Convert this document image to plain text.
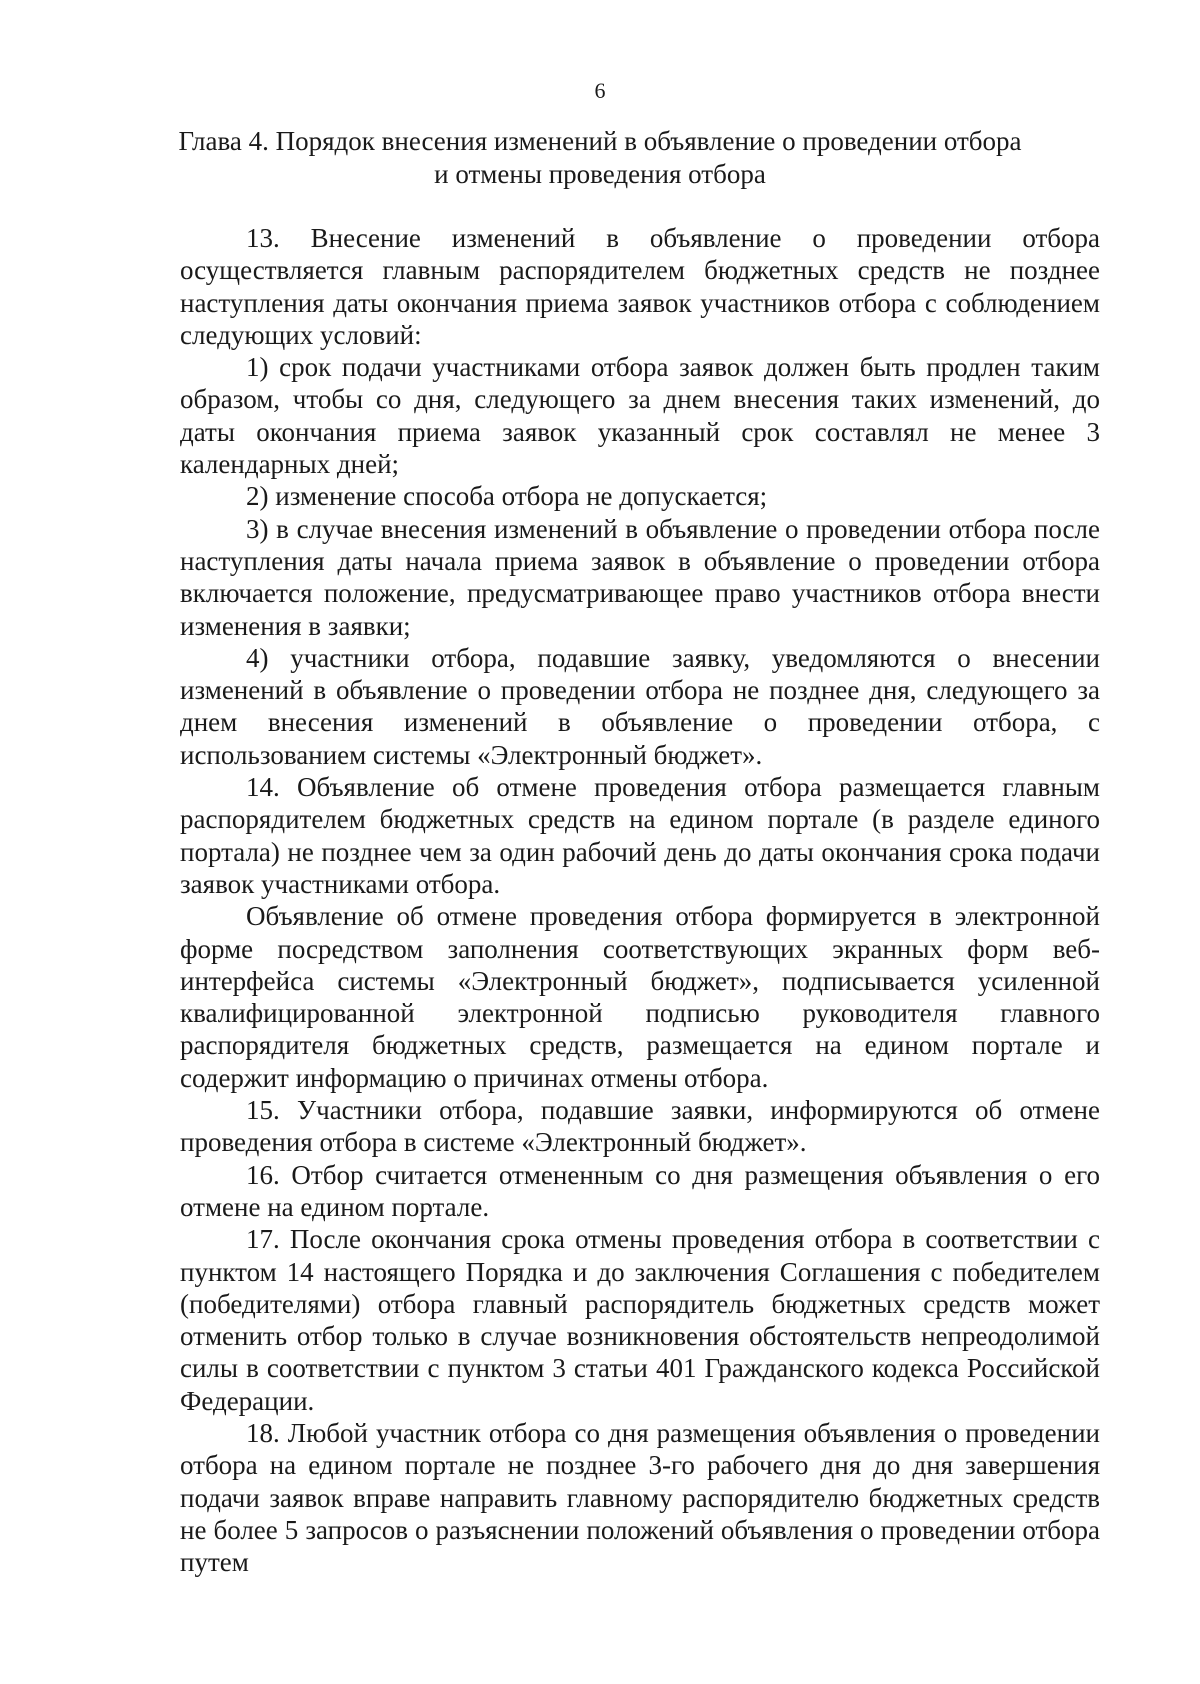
6
Глава 4. Порядок внесения изменений в объявление о проведении отбора
и отмены проведения отбора

13. Внесение изменений в объявление о проведении отбора осуществляется главным распорядителем бюджетных средств не позднее наступления даты окончания приема заявок участников отбора с соблюдением следующих условий:

1) срок подачи участниками отбора заявок должен быть продлен таким образом, чтобы со дня, следующего за днем внесения таких изменений, до даты окончания приема заявок указанный срок составлял не менее 3 календарных дней;

2) изменение способа отбора не допускается;

3) в случае внесения изменений в объявление о проведении отбора после наступления даты начала приема заявок в объявление о проведении отбора включается положение, предусматривающее право участников отбора внести изменения в заявки;

4) участники отбора, подавшие заявку, уведомляются о внесении изменений в объявление о проведении отбора не позднее дня, следующего за днем внесения изменений в объявление о проведении отбора, с использованием системы «Электронный бюджет».

14. Объявление об отмене проведения отбора размещается главным распорядителем бюджетных средств на едином портале (в разделе единого портала) не позднее чем за один рабочий день до даты окончания срока подачи заявок участниками отбора.

Объявление об отмене проведения отбора формируется в электронной форме посредством заполнения соответствующих экранных форм веб-интерфейса системы «Электронный бюджет», подписывается усиленной квалифицированной электронной подписью руководителя главного распорядителя бюджетных средств, размещается на едином портале и содержит информацию о причинах отмены отбора.

15. Участники отбора, подавшие заявки, информируются об отмене проведения отбора в системе «Электронный бюджет».

16. Отбор считается отмененным со дня размещения объявления о его отмене на едином портале.

17. После окончания срока отмены проведения отбора в соответствии с пунктом 14 настоящего Порядка и до заключения Соглашения с победителем (победителями) отбора главный распорядитель бюджетных средств может отменить отбор только в случае возникновения обстоятельств непреодолимой силы в соответствии с пунктом 3 статьи 401 Гражданского кодекса Российской Федерации.

18. Любой участник отбора со дня размещения объявления о проведении отбора на едином портале не позднее 3-го рабочего дня до дня завершения подачи заявок вправе направить главному распорядителю бюджетных средств не более 5 запросов о разъяснении положений объявления о проведении отбора путем
